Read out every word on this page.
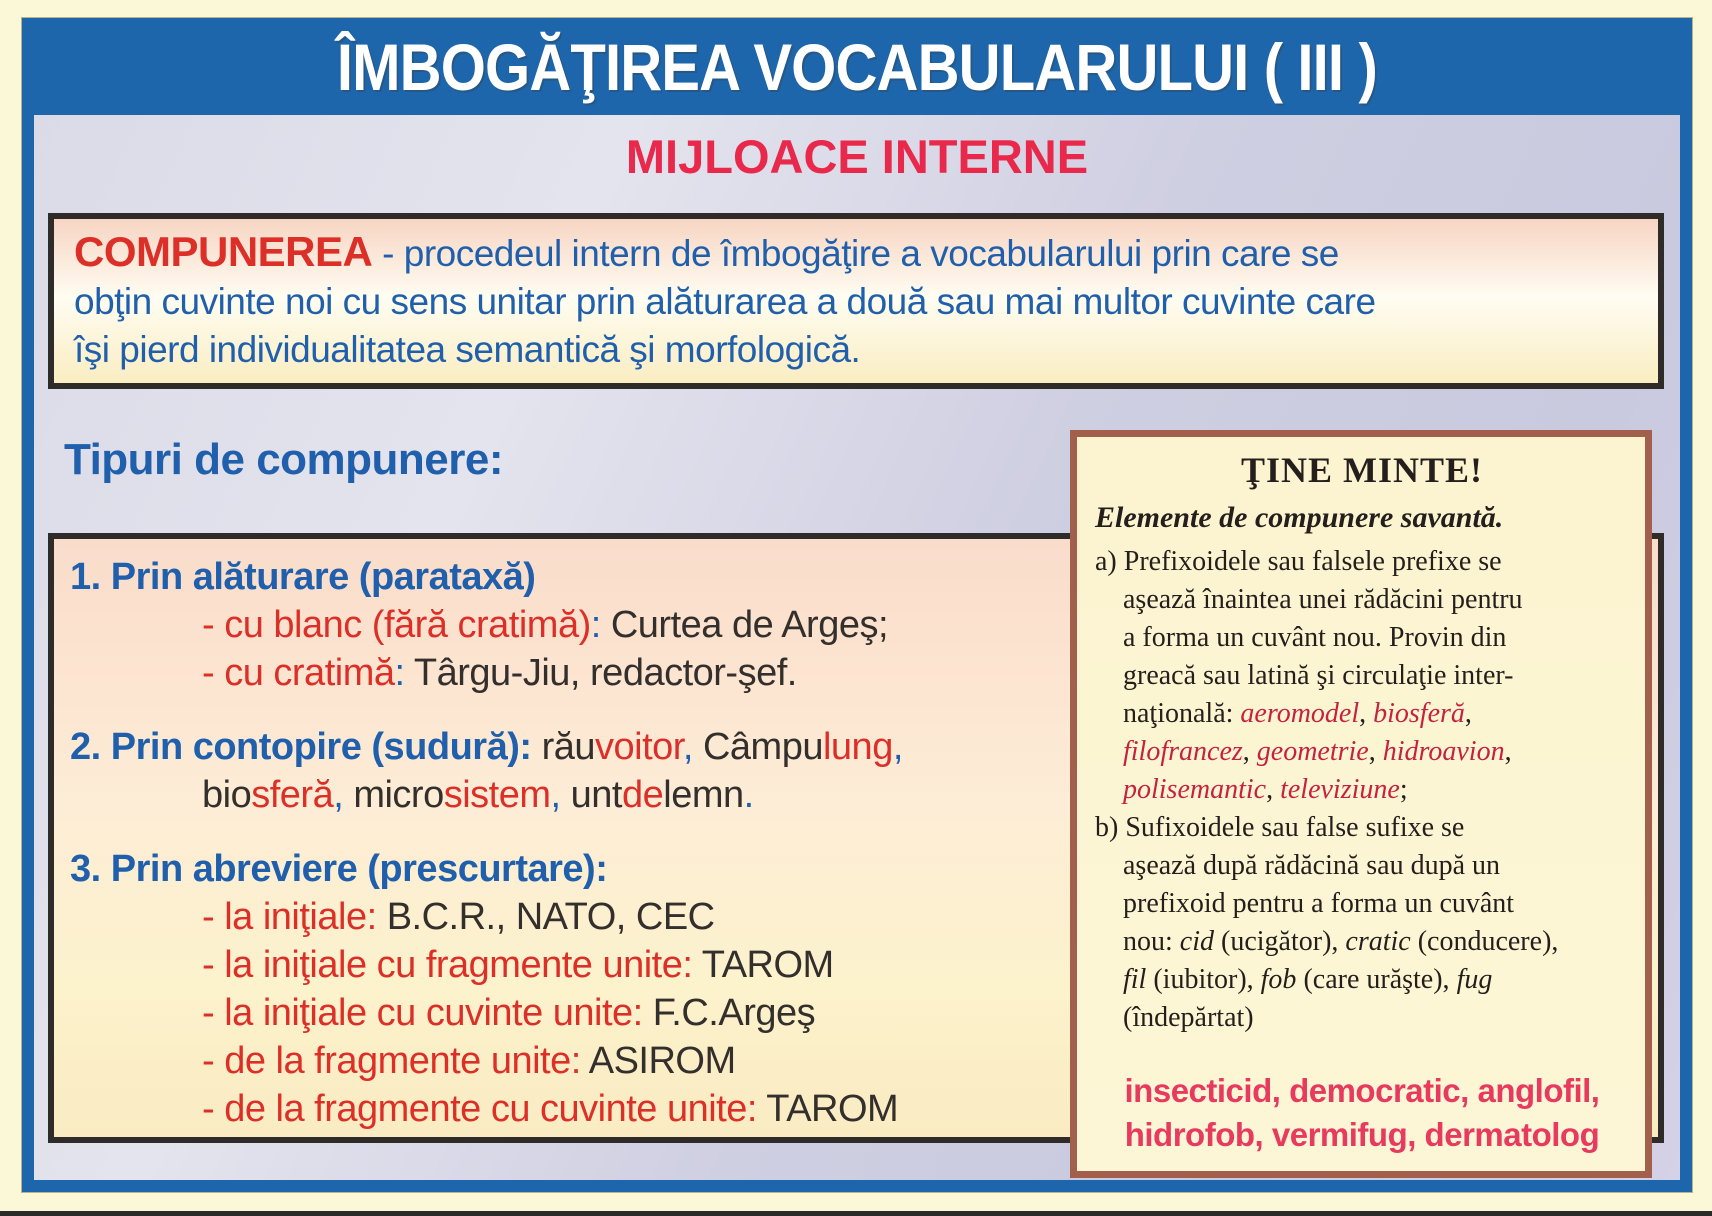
ÎMBOGĂŢIREA VOCABULARULUI ( III )
MIJLOACE INTERNE
COMPUNEREA - procedeul intern de îmbogăţire a vocabularului prin care se
obţin cuvinte noi cu sens unitar prin alăturarea a două sau mai multor cuvinte care
îşi pierd individualitatea semantică şi morfologică.
Tipuri de compunere:
1. Prin alăturare (parataxă)
- cu blanc (fără cratimă): Curtea de Argeş;
- cu cratimă: Târgu-Jiu, redactor-şef.
2. Prin contopire (sudură): răuvoitor, Câmpulung,
biosferă, microsistem, untdelemn.
3. Prin abreviere (prescurtare):
- la iniţiale: B.C.R., NATO, CEC
- la iniţiale cu fragmente unite: TAROM
- la iniţiale cu cuvinte unite: F.C.Argeş
- de la fragmente unite: ASIROM
- de la fragmente cu cuvinte unite: TAROM
ŢINE MINTE!
Elemente de compunere savantă.
a) Prefixoidele sau falsele prefixe se
aşează înaintea unei rădăcini pentru
a forma un cuvânt nou. Provin din
greacă sau latină şi circulaţie inter-
naţională: aeromodel, biosferă,
filofrancez, geometrie, hidroavion,
polisemantic, televiziune;
b) Sufixoidele sau false sufixe se
aşează după rădăcină sau după un
prefixoid pentru a forma un cuvânt
nou: cid (ucigător), cratic (conducere),
fil (iubitor), fob (care urăşte), fug
(îndepărtat)
insecticid, democratic, anglofil,
hidrofob, vermifug, dermatolog
